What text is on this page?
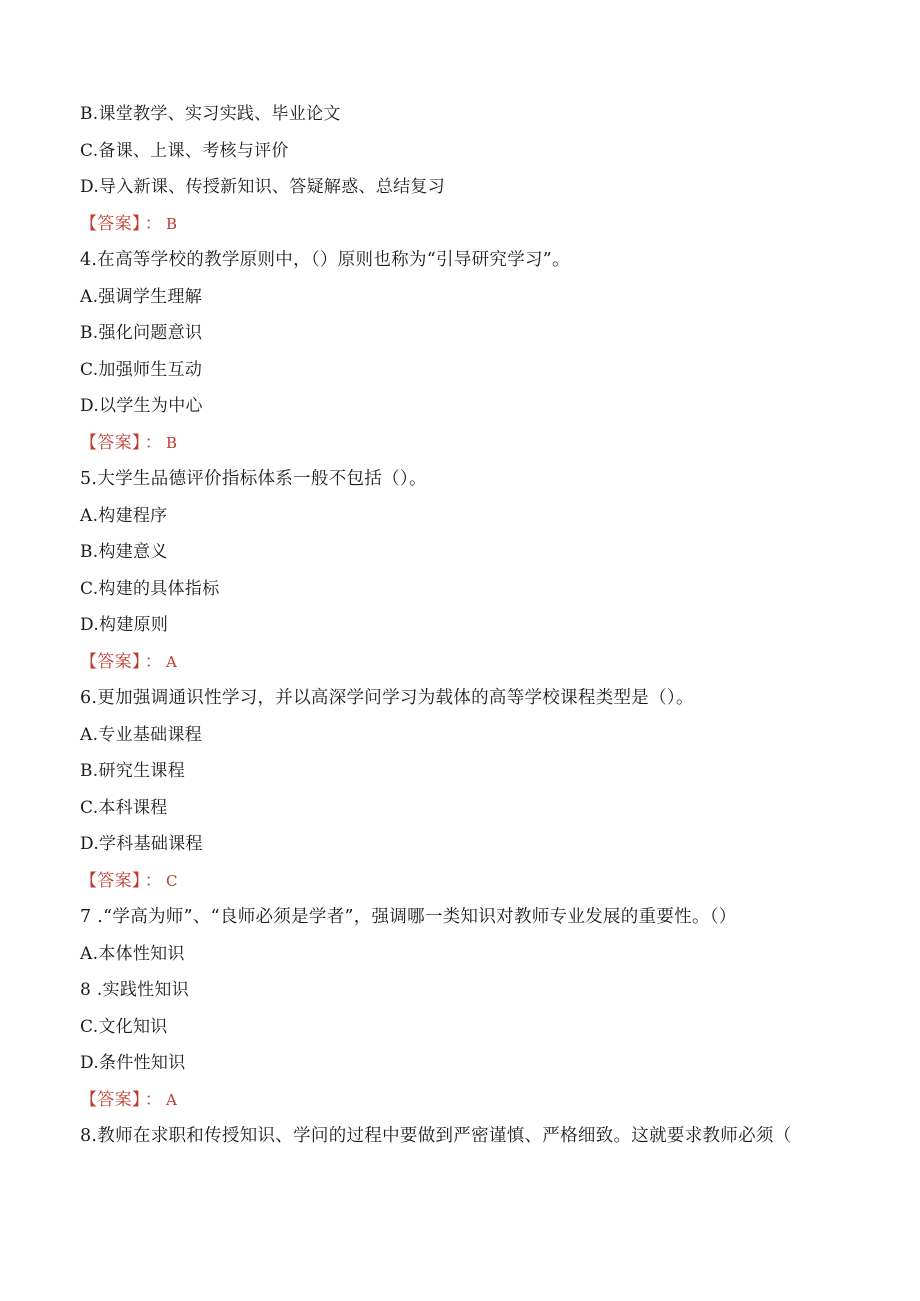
B.课堂教学、实习实践、毕业论文
C.备课、上课、考核与评价
D.导入新课、传授新知识、答疑解惑、总结复习
【答案】 ： B
4.在高等学校的教学原则中，（）原则也称为“引导研究学习”。
A.强调学生理解
B.强化问题意识
C.加强师生互动
D.以学生为中心
【答案】 ： B
5.大学生品德评价指标体系一般不包括（）。
A.构建程序
B.构建意义
C.构建的具体指标
D.构建原则
【答案】 ： A
6.更加强调通识性学习，并以高深学问学习为载体的高等学校课程类型是（）。
A.专业基础课程
B.研究生课程
C.本科课程
D.学科基础课程
【答案】 ： C
7 .“学高为师”、“良师必须是学者”，强调哪一类知识对教师专业发展的重要性。（）
A.本体性知识
8 .实践性知识
C.文化知识
D.条件性知识
【答案】 ： A
8.教师在求职和传授知识、学问的过程中要做到严密谨慎、严格细致。这就要求教师必须（
